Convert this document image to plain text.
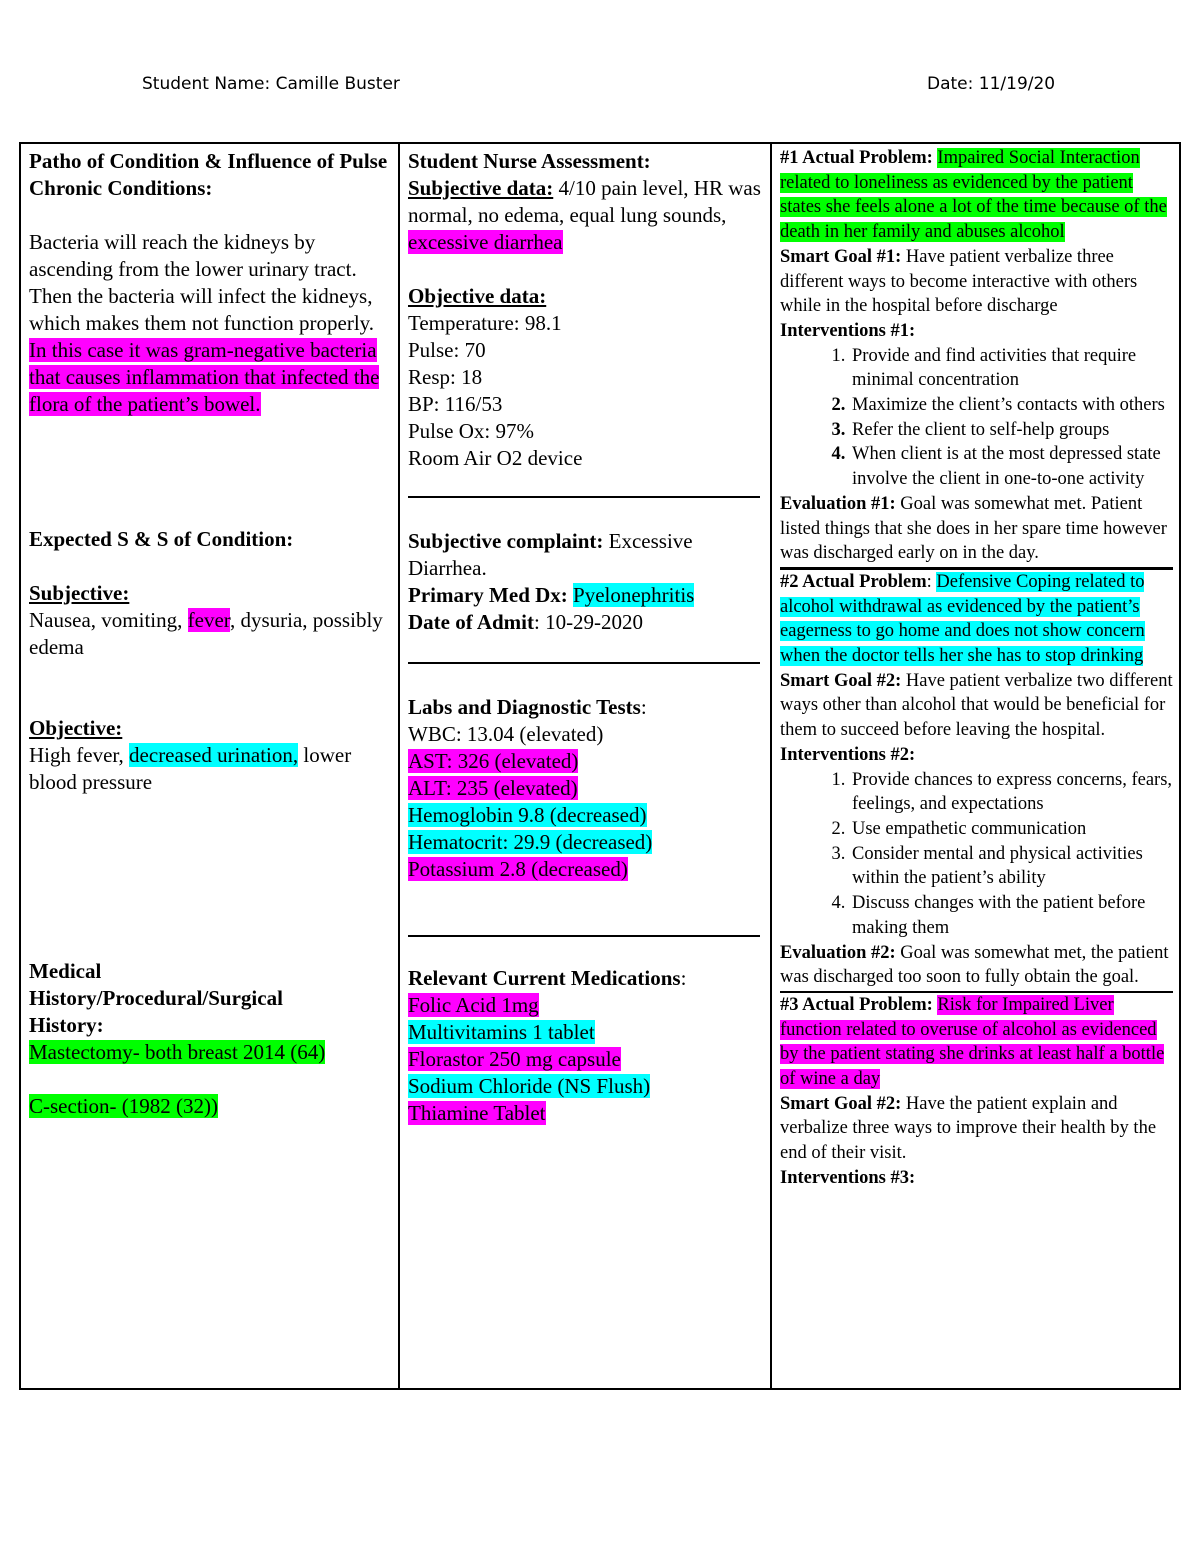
Student Name: Camille Buster	Date: 11/19/20

Patho of Condition & Influence of Pulse Chronic Conditions:

Bacteria will reach the kidneys by ascending from the lower urinary tract. Then the bacteria will infect the kidneys, which makes them not function properly. In this case it was gram-negative bacteria that causes inflammation that infected the flora of the patient’s bowel.

Expected S & S of Condition:

Subjective:

Nausea, vomiting, fever, dysuria, possibly edema

Objective:

High fever, decreased urination, lower blood pressure

Medical History/Procedural/Surgical History:

Mastectomy- both breast 2014 (64)

C-section- (1982 (32))

Student Nurse Assessment:

Subjective data: 4/10 pain level, HR was normal, no edema, equal lung sounds, excessive diarrhea

Objective data:

Temperature: 98.1

Pulse: 70

Resp: 18

BP: 116/53

Pulse Ox: 97%

Room Air O2 device

Subjective complaint: Excessive Diarrhea.

Primary Med Dx: Pyelonephritis

Date of Admit: 10-29-2020

Labs and Diagnostic Tests:

WBC: 13.04 (elevated)

AST: 326 (elevated)

ALT: 235 (elevated)

Hemoglobin 9.8 (decreased)

Hematocrit: 29.9 (decreased)

Potassium 2.8 (decreased)

Relevant Current Medications:

Folic Acid 1mg

Multivitamins 1 tablet

Florastor 250 mg capsule

Sodium Chloride (NS Flush)

Thiamine Tablet

#1 Actual Problem: Impaired Social Interaction related to loneliness as evidenced by the patient states she feels alone a lot of the time because of the death in her family and abuses alcohol

Smart Goal #1: Have patient verbalize three different ways to become interactive with others while in the hospital before discharge

Interventions #1:

1. Provide and find activities that require minimal concentration
2. Maximize the client’s contacts with others
3. Refer the client to self-help groups
4. When client is at the most depressed state involve the client in one-to-one activity

Evaluation #1: Goal was somewhat met. Patient listed things that she does in her spare time however was discharged early on in the day.

#2 Actual Problem: Defensive Coping related to alcohol withdrawal as evidenced by the patient’s eagerness to go home and does not show concern when the doctor tells her she has to stop drinking

Smart Goal #2: Have patient verbalize two different ways other than alcohol that would be beneficial for them to succeed before leaving the hospital.

Interventions #2:

1. Provide chances to express concerns, fears, feelings, and expectations
2. Use empathetic communication
3. Consider mental and physical activities within the patient’s ability
4. Discuss changes with the patient before making them

Evaluation #2: Goal was somewhat met, the patient was discharged too soon to fully obtain the goal.

#3 Actual Problem: Risk for Impaired Liver function related to overuse of alcohol as evidenced by the patient stating she drinks at least half a bottle of wine a day

Smart Goal #2: Have the patient explain and verbalize three ways to improve their health by the end of their visit.

Interventions #3:
